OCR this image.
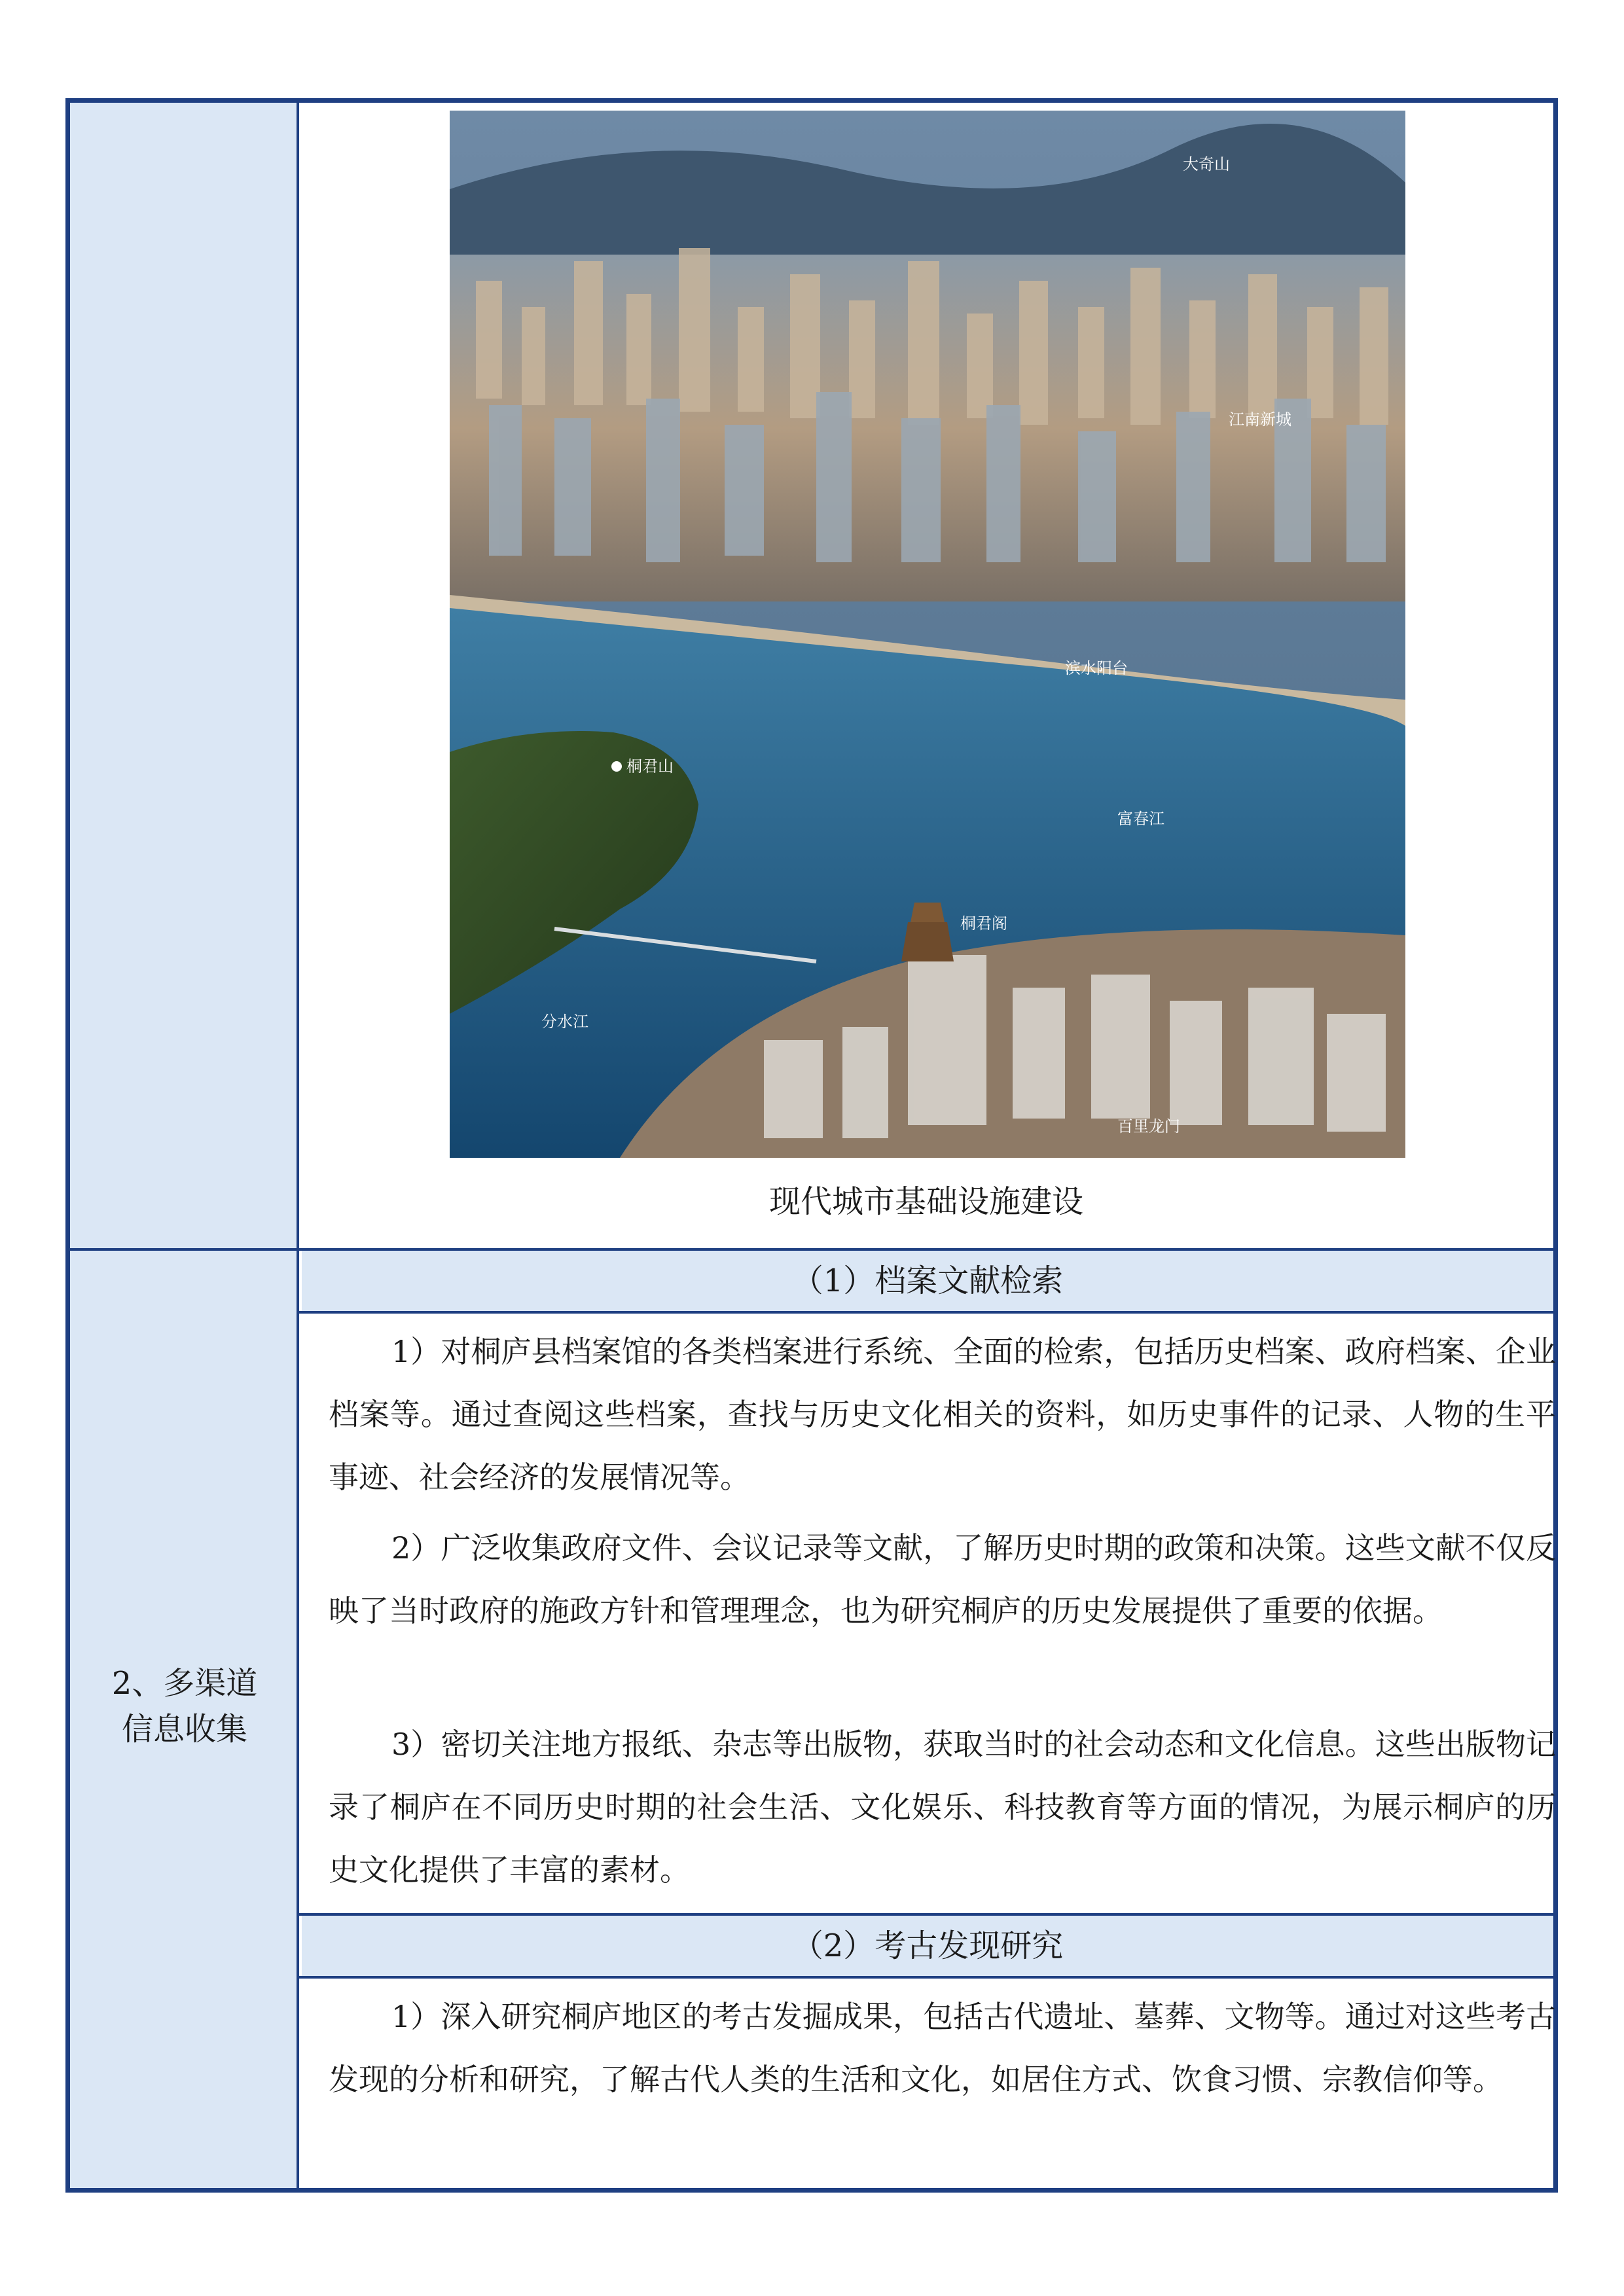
大奇山
江南新城
滨水阳台
桐君山
富春江
桐君阁
分水江
百里龙门
现代城市基础设施建设
2、多渠道
信息收集
（1）档案文献检索

1）对桐庐县档案馆的各类档案进行系统、全面的检索，包括历史档案、政府档案、企业档案等。通过查阅这些档案，查找与历史文化相关的资料，如历史事件的记录、人物的生平事迹、社会经济的发展情况等。

2）广泛收集政府文件、会议记录等文献，了解历史时期的政策和决策。这些文献不仅反映了当时政府的施政方针和管理理念，也为研究桐庐的历史发展提供了重要的依据。

3）密切关注地方报纸、杂志等出版物，获取当时的社会动态和文化信息。这些出版物记录了桐庐在不同历史时期的社会生活、文化娱乐、科技教育等方面的情况，为展示桐庐的历史文化提供了丰富的素材。

（2）考古发现研究

1）深入研究桐庐地区的考古发掘成果，包括古代遗址、墓葬、文物等。通过对这些考古发现的分析和研究，了解古代人类的生活和文化，如居住方式、饮食习惯、宗教信仰等。
